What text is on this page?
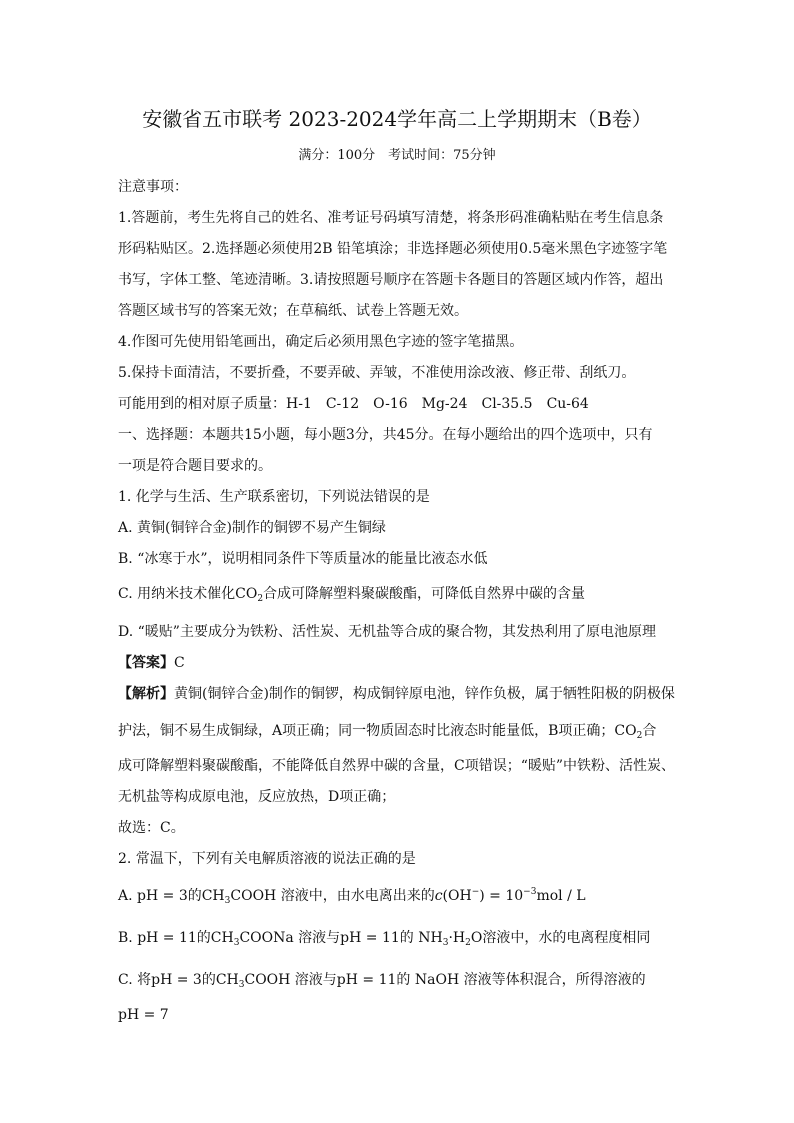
安徽省五市联考 2023-2024学年高二上学期期末（B卷）
满分：100分　考试时间：75分钟
注意事项：
1.答题前，考生先将自己的姓名、准考证号码填写清楚，将条形码准确粘贴在考生信息条
形码粘贴区。2.选择题必须使用2B 铅笔填涂；非选择题必须使用0.5毫米黑色字迹签字笔
书写，字体工整、笔迹清晰。3.请按照题号顺序在答题卡各题目的答题区域内作答，超出
答题区域书写的答案无效；在草稿纸、试卷上答题无效。
4.作图可先使用铅笔画出，确定后必须用黑色字迹的签字笔描黑。
5.保持卡面清洁，不要折叠，不要弄破、弄皱，不准使用涂改液、修正带、刮纸刀。
可能用到的相对原子质量：H-1　C-12　O-16　Mg-24　Cl-35.5　Cu-64
一、选择题：本题共15小题，每小题3分，共45分。在每小题给出的四个选项中，只有
一项是符合题目要求的。
1. 化学与生活、生产联系密切，下列说法错误的是
A. 黄铜(铜锌合金)制作的铜锣不易产生铜绿
B. “冰寒于水”，说明相同条件下等质量冰的能量比液态水低
C. 用纳米技术催化$CO_2$合成可降解塑料聚碳酸酯，可降低自然界中碳的含量
D. “暖贴”主要成分为铁粉、活性炭、无机盐等合成的聚合物，其发热利用了原电池原理
【答案】C
【解析】黄铜(铜锌合金)制作的铜锣，构成铜锌原电池，锌作负极，属于牺牲阳极的阴极保
护法，铜不易生成铜绿，A项正确；同一物质固态时比液态时能量低，B项正确；$CO_2$合
成可降解塑料聚碳酸酯，不能降低自然界中碳的含量，C项错误；“暖贴”中铁粉、活性炭、
无机盐等构成原电池，反应放热，D项正确；
故选：C。
2. 常温下，下列有关电解质溶液的说法正确的是
A. pH = 3的$CH_3COOH$ 溶液中，由水电离出来的$c(OH^-) = 10^{-3}mol / L$
B. pH = 11的$CH_3COONa$ 溶液与pH = 11的 $NH_3\cdot H_2O$溶液中，水的电离程度相同
C. 将pH = 3的$CH_3COOH$ 溶液与pH = 11的 NaOH 溶液等体积混合，所得溶液的
pH = 7
